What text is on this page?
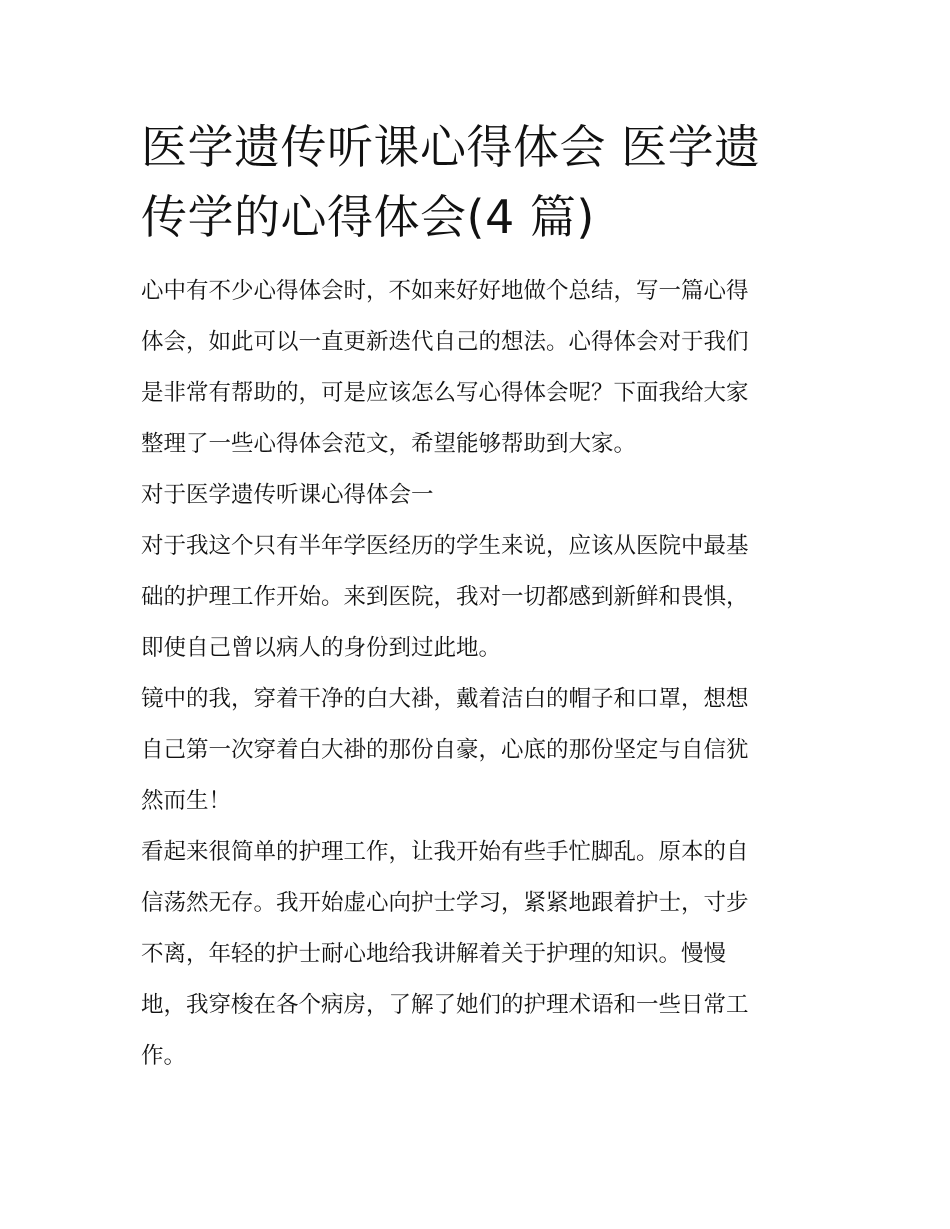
医学遗传听课心得体会 医学遗
传学的心得体会(4 篇)

心中有不少心得体会时，不如来好好地做个总结，写一篇心得
体会，如此可以一直更新迭代自己的想法。心得体会对于我们
是非常有帮助的，可是应该怎么写心得体会呢？下面我给大家
整理了一些心得体会范文，希望能够帮助到大家。

对于医学遗传听课心得体会一

对于我这个只有半年学医经历的学生来说，应该从医院中最基
础的护理工作开始。来到医院，我对一切都感到新鲜和畏惧，
即使自己曾以病人的身份到过此地。

镜中的我，穿着干净的白大褂，戴着洁白的帽子和口罩，想想
自己第一次穿着白大褂的那份自豪，心底的那份坚定与自信犹
然而生！

看起来很简单的护理工作，让我开始有些手忙脚乱。原本的自
信荡然无存。我开始虚心向护士学习，紧紧地跟着护士，寸步
不离，年轻的护士耐心地给我讲解着关于护理的知识。慢慢
地，我穿梭在各个病房，了解了她们的护理术语和一些日常工
作。
